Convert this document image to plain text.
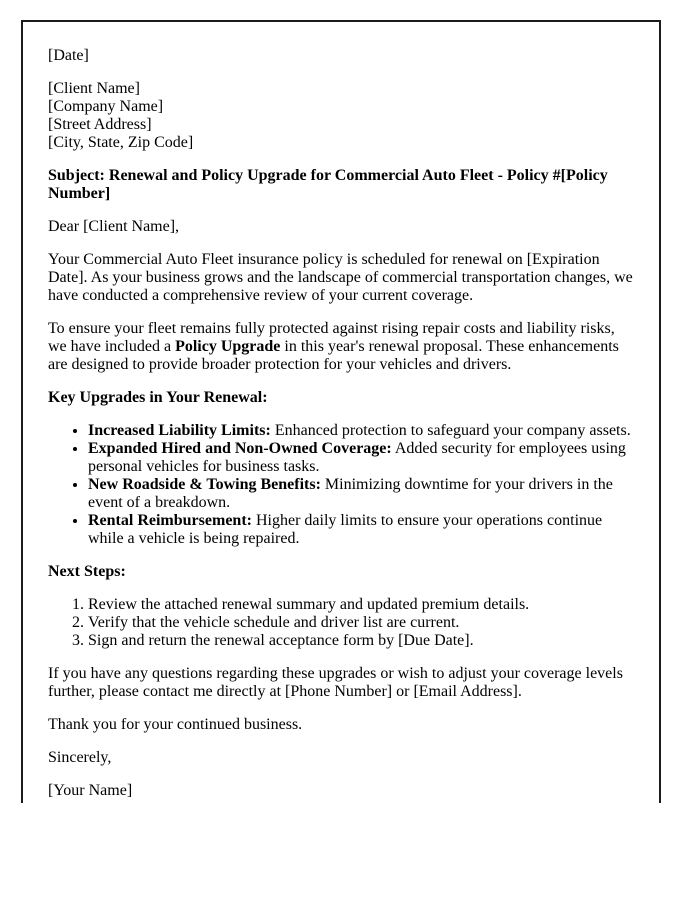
[Date]

[Client Name]
[Company Name]
[Street Address]
[City, State, Zip Code]

Subject: Renewal and Policy Upgrade for Commercial Auto Fleet - Policy #[Policy Number]

Dear [Client Name],

Your Commercial Auto Fleet insurance policy is scheduled for renewal on [Expiration Date]. As your business grows and the landscape of commercial transportation changes, we have conducted a comprehensive review of your current coverage.

To ensure your fleet remains fully protected against rising repair costs and liability risks, we have included a Policy Upgrade in this year's renewal proposal. These enhancements are designed to provide broader protection for your vehicles and drivers.

Key Upgrades in Your Renewal:

• Increased Liability Limits: Enhanced protection to safeguard your company assets.
• Expanded Hired and Non-Owned Coverage: Added security for employees using personal vehicles for business tasks.
• New Roadside & Towing Benefits: Minimizing downtime for your drivers in the event of a breakdown.
• Rental Reimbursement: Higher daily limits to ensure your operations continue while a vehicle is being repaired.

Next Steps:

1. Review the attached renewal summary and updated premium details.
2. Verify that the vehicle schedule and driver list are current.
3. Sign and return the renewal acceptance form by [Due Date].

If you have any questions regarding these upgrades or wish to adjust your coverage levels further, please contact me directly at [Phone Number] or [Email Address].

Thank you for your continued business.

Sincerely,

[Your Name]
